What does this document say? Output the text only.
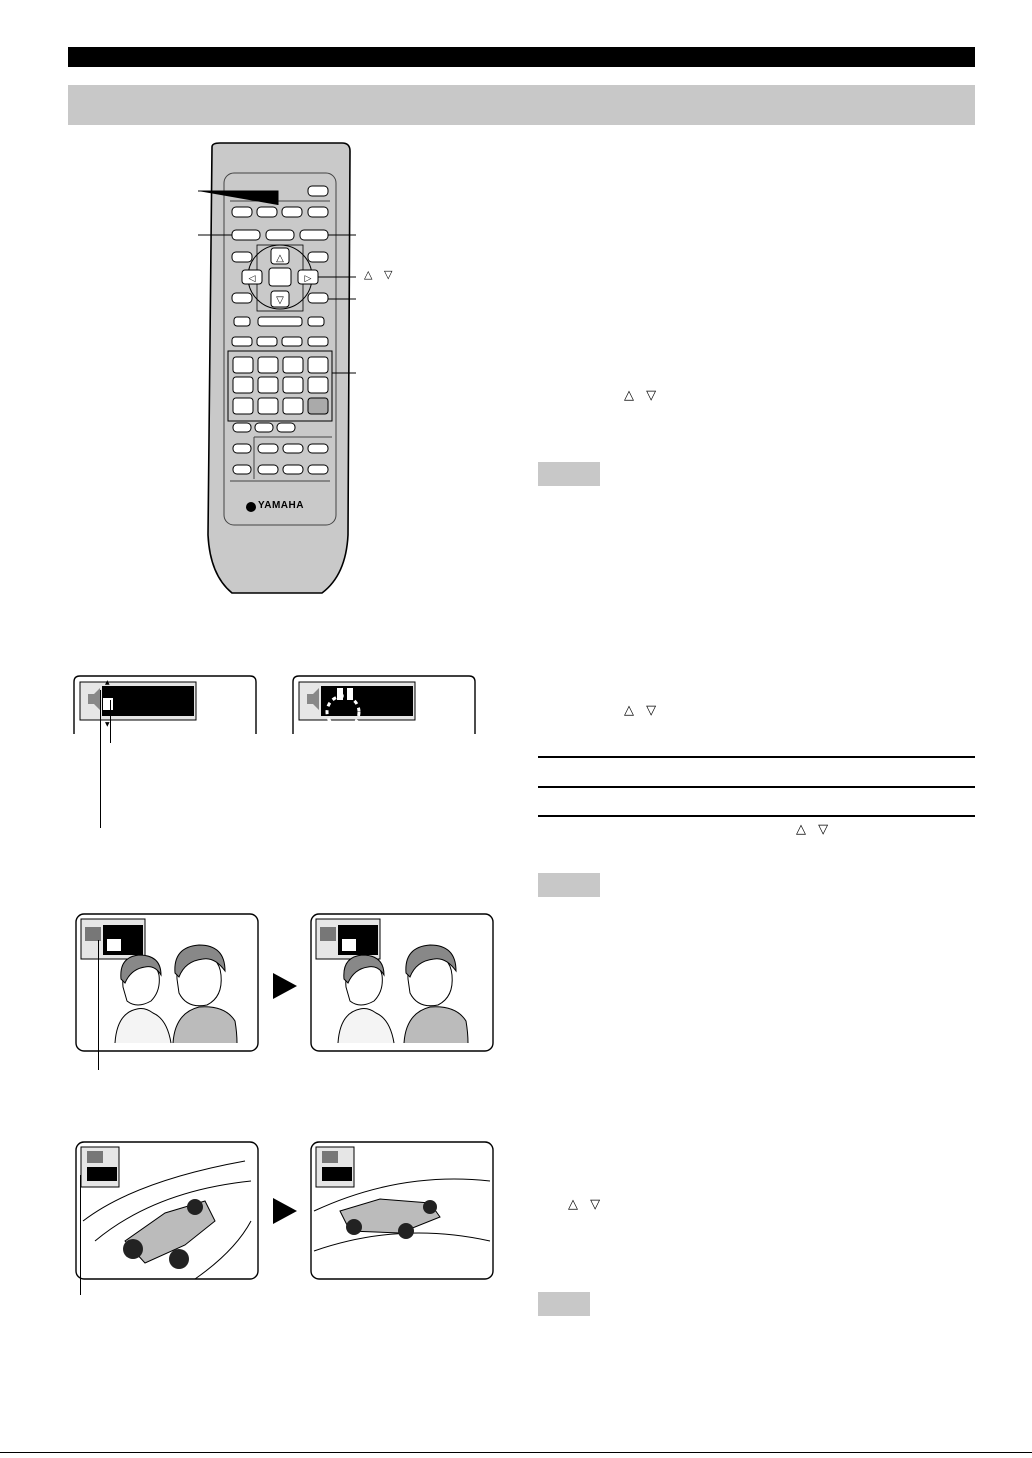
△
▽
◁	▷
YAMAHA
△ ▽
△ ▽
△ ▽
△ ▽
△ ▽
▲
▼
